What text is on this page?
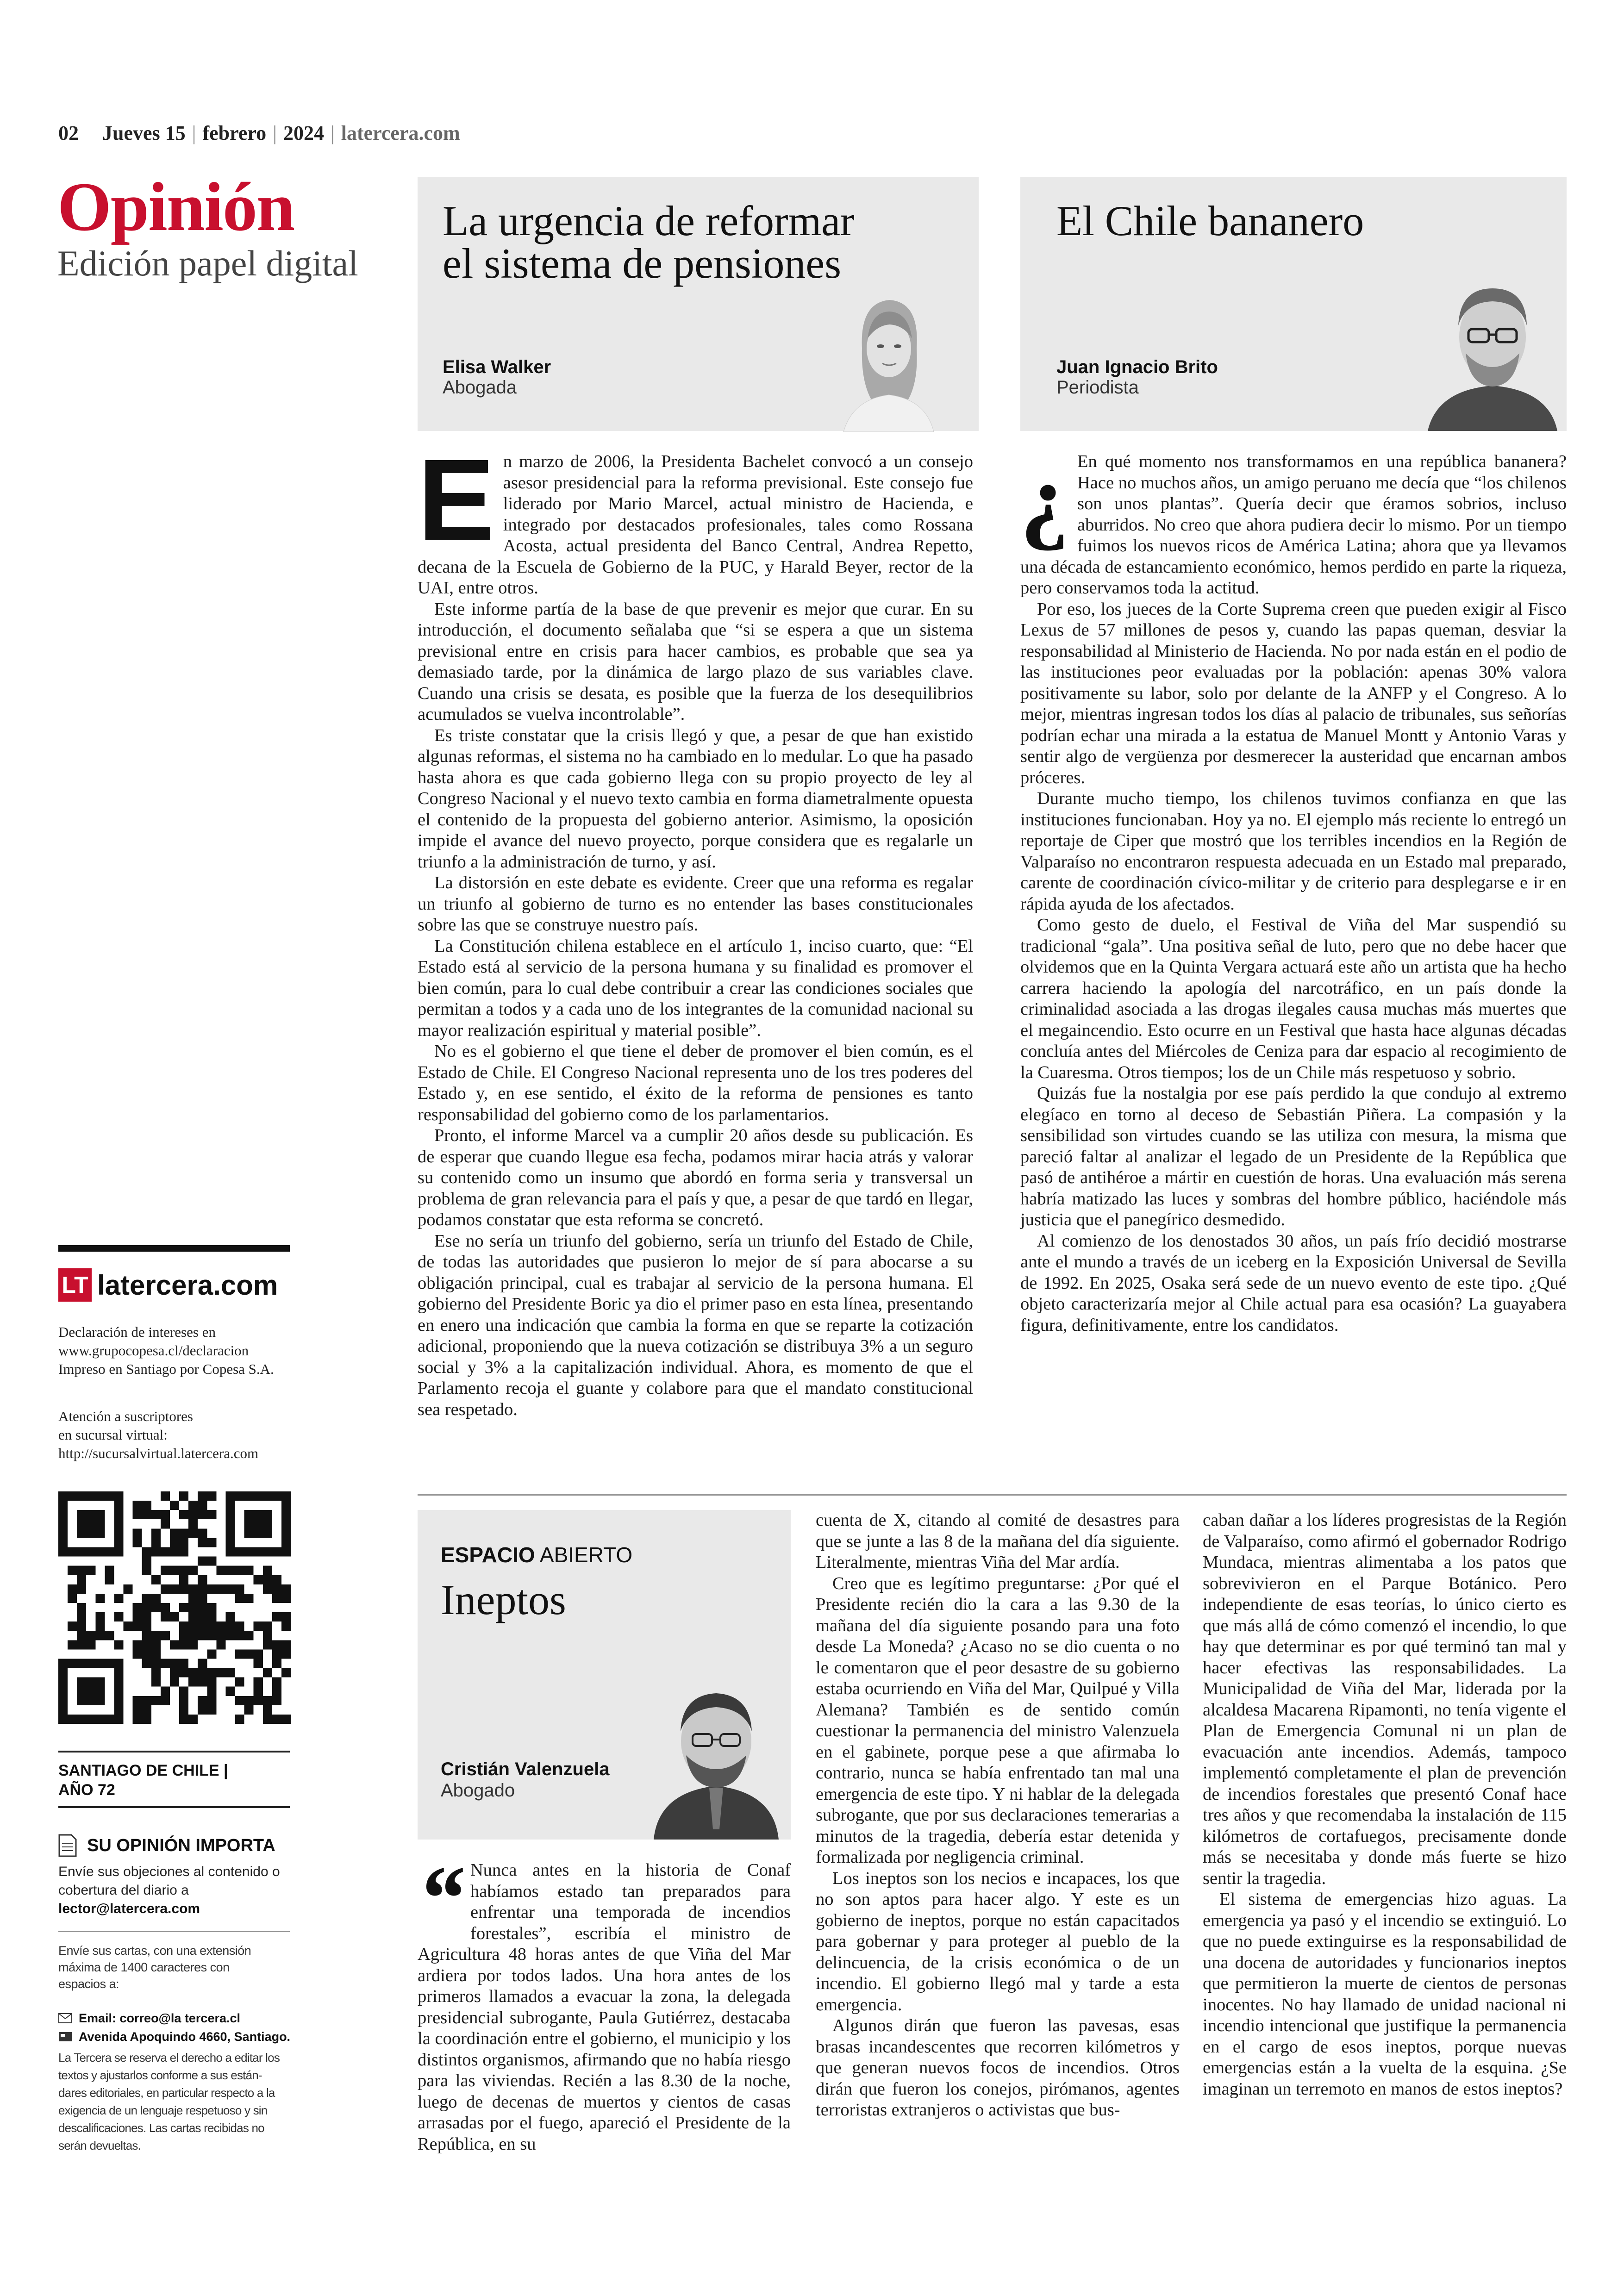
02 Jueves 15 | febrero | 2024 | latercera.com
Opinión
Edición papel digital
La urgencia de reformar el sistema de pensiones
Elisa Walker
Abogada
El Chile bananero
Juan Ignacio Brito
Periodista

En marzo de 2006, la Presidenta Bachelet convocó a un consejo asesor presidencial para la reforma previsional. Este consejo fue liderado por Mario Marcel, actual ministro de Hacienda, e integrado por destacados profesionales, tales como Rossana Acosta, actual presidenta del Banco Central, Andrea Repetto, decana de la Escuela de Gobierno de la PUC, y Harald Beyer, rector de la UAI, entre otros.

Este informe partía de la base de que prevenir es mejor que curar. En su introducción, el documento señalaba que “si se espera a que un sistema previsional entre en crisis para hacer cambios, es probable que sea ya demasiado tarde, por la dinámica de largo plazo de sus variables clave. Cuando una crisis se desata, es posible que la fuerza de los desequilibrios acumulados se vuelva incontrolable”.

Es triste constatar que la crisis llegó y que, a pesar de que han existido algunas reformas, el sistema no ha cambiado en lo medular. Lo que ha pasado hasta ahora es que cada gobierno llega con su propio proyecto de ley al Congreso Nacional y el nuevo texto cambia en forma diametralmente opuesta el contenido de la propuesta del gobierno anterior. Asimismo, la oposición impide el avance del nuevo proyecto, porque considera que es regalarle un triunfo a la administración de turno, y así.

La distorsión en este debate es evidente. Creer que una reforma es regalar un triunfo al gobierno de turno es no entender las bases constitucionales sobre las que se construye nuestro país.

La Constitución chilena establece en el artículo 1, inciso cuarto, que: “El Estado está al servicio de la persona humana y su finalidad es promover el bien común, para lo cual debe contribuir a crear las condiciones sociales que permitan a todos y a cada uno de los integrantes de la comunidad nacional su mayor realización espiritual y material posible”.

No es el gobierno el que tiene el deber de promover el bien común, es el Estado de Chile. El Congreso Nacional representa uno de los tres poderes del Estado y, en ese sentido, el éxito de la reforma de pensiones es tanto responsabilidad del gobierno como de los parlamentarios.

Pronto, el informe Marcel va a cumplir 20 años desde su publicación. Es de esperar que cuando llegue esa fecha, podamos mirar hacia atrás y valorar su contenido como un insumo que abordó en forma seria y transversal un problema de gran relevancia para el país y que, a pesar de que tardó en llegar, podamos constatar que esta reforma se concretó.

Ese no sería un triunfo del gobierno, sería un triunfo del Estado de Chile, de todas las autoridades que pusieron lo mejor de sí para abocarse a su obligación principal, cual es trabajar al servicio de la persona humana. El gobierno del Presidente Boric ya dio el primer paso en esta línea, presentando en enero una indicación que cambia la forma en que se reparte la cotización adicional, proponiendo que la nueva cotización se distribuya 3% a un seguro social y 3% a la capitalización individual. Ahora, es momento de que el Parlamento recoja el guante y colabore para que el mandato constitucional sea respetado.

¿ En qué momento nos transformamos en una república bananera? Hace no muchos años, un amigo peruano me decía que “los chilenos son unos plantas”. Quería decir que éramos sobrios, incluso aburridos. No creo que ahora pudiera decir lo mismo. Por un tiempo fuimos los nuevos ricos de América Latina; ahora que ya llevamos una década de estancamiento económico, hemos perdido en parte la riqueza, pero conservamos toda la actitud.

Por eso, los jueces de la Corte Suprema creen que pueden exigir al Fisco Lexus de 57 millones de pesos y, cuando las papas queman, desviar la responsabilidad al Ministerio de Hacienda. No por nada están en el podio de las instituciones peor evaluadas por la población: apenas 30% valora positivamente su labor, solo por delante de la ANFP y el Congreso. A lo mejor, mientras ingresan todos los días al palacio de tribunales, sus señorías podrían echar una mirada a la estatua de Manuel Montt y Antonio Varas y sentir algo de vergüenza por desmerecer la austeridad que encarnan ambos próceres.

Durante mucho tiempo, los chilenos tuvimos confianza en que las instituciones funcionaban. Hoy ya no. El ejemplo más reciente lo entregó un reportaje de Ciper que mostró que los terribles incendios en la Región de Valparaíso no encontraron respuesta adecuada en un Estado mal preparado, carente de coordinación cívico-militar y de criterio para desplegarse e ir en rápida ayuda de los afectados.

Como gesto de duelo, el Festival de Viña del Mar suspendió su tradicional “gala”. Una positiva señal de luto, pero que no debe hacer que olvidemos que en la Quinta Vergara actuará este año un artista que ha hecho carrera haciendo la apología del narcotráfico, en un país donde la criminalidad asociada a las drogas ilegales causa muchas más muertes que el megaincendio. Esto ocurre en un Festival que hasta hace algunas décadas concluía antes del Miércoles de Ceniza para dar espacio al recogimiento de la Cuaresma. Otros tiempos; los de un Chile más respetuoso y sobrio.

Quizás fue la nostalgia por ese país perdido la que condujo al extremo elegíaco en torno al deceso de Sebastián Piñera. La compasión y la sensibilidad son virtudes cuando se las utiliza con mesura, la misma que pareció faltar al analizar el legado de un Presidente de la República que pasó de antihéroe a mártir en cuestión de horas. Una evaluación más serena habría matizado las luces y sombras del hombre público, haciéndole más justicia que el panegírico desmedido.

Al comienzo de los denostados 30 años, un país frío decidió mostrarse ante el mundo a través de un iceberg en la Exposición Universal de Sevilla de 1992. En 2025, Osaka será sede de un nuevo evento de este tipo. ¿Qué objeto caracterizaría mejor al Chile actual para esa ocasión? La guayabera figura, definitivamente, entre los candidatos.

ESPACIO ABIERTO
Ineptos
Cristián Valenzuela
Abogado

“ Nunca antes en la historia de Conaf habíamos estado tan preparados para enfrentar una temporada de incendios forestales”, escribía el ministro de Agricultura 48 horas antes de que Viña del Mar ardiera por todos lados. Una hora antes de los primeros llamados a evacuar la zona, la delegada presidencial subrogante, Paula Gutiérrez, destacaba la coordinación entre el gobierno, el municipio y los distintos organismos, afirmando que no había riesgo para las viviendas. Recién a las 8.30 de la noche, luego de decenas de muertos y cientos de casas arrasadas por el fuego, apareció el Presidente de la República, en su

cuenta de X, citando al comité de desastres para que se junte a las 8 de la mañana del día siguiente. Literalmente, mientras Viña del Mar ardía.

Creo que es legítimo preguntarse: ¿Por qué el Presidente recién dio la cara a las 9.30 de la mañana del día siguiente posando para una foto desde La Moneda? ¿Acaso no se dio cuenta o no le comentaron que el peor desastre de su gobierno estaba ocurriendo en Viña del Mar, Quilpué y Villa Alemana? También es de sentido común cuestionar la permanencia del ministro Valenzuela en el gabinete, porque pese a que afirmaba lo contrario, nunca se había enfrentado tan mal una emergencia de este tipo. Y ni hablar de la delegada subrogante, que por sus declaraciones temerarias a minutos de la tragedia, debería estar detenida y formalizada por negligencia criminal.

Los ineptos son los necios e incapaces, los que no son aptos para hacer algo. Y este es un gobierno de ineptos, porque no están capacitados para gobernar y para proteger al pueblo de la delincuencia, de la crisis económica o de un incendio. El gobierno llegó mal y tarde a esta emergencia.

Algunos dirán que fueron las pavesas, esas brasas incandescentes que recorren kilómetros y que generan nuevos focos de incendios. Otros dirán que fueron los conejos, pirómanos, agentes terroristas extranjeros o activistas que bus-

caban dañar a los líderes progresistas de la Región de Valparaíso, como afirmó el gobernador Rodrigo Mundaca, mientras alimentaba a los patos que sobrevivieron en el Parque Botánico. Pero independiente de esas teorías, lo único cierto es que más allá de cómo comenzó el incendio, lo que hay que determinar es por qué terminó tan mal y hacer efectivas las responsabilidades. La Municipalidad de Viña del Mar, liderada por la alcaldesa Macarena Ripamonti, no tenía vigente el Plan de Emergencia Comunal ni un plan de evacuación ante incendios. Además, tampoco implementó completamente el plan de prevención de incendios forestales que presentó Conaf hace tres años y que recomendaba la instalación de 115 kilómetros de cortafuegos, precisamente donde más se necesitaba y donde más fuerte se hizo sentir la tragedia.

El sistema de emergencias hizo aguas. La emergencia ya pasó y el incendio se extinguió. Lo que no puede extinguirse es la responsabilidad de una docena de autoridades y funcionarios ineptos que permitieron la muerte de cientos de personas inocentes. No hay llamado de unidad nacional ni incendio intencional que justifique la permanencia en el cargo de esos ineptos, porque nuevas emergencias están a la vuelta de la esquina. ¿Se imaginan un terremoto en manos de estos ineptos?

LT latercera.com
Declaración de intereses en
www.grupocopesa.cl/declaracion
Impreso en Santiago por Copesa S.A.
Atención a suscriptores
en sucursal virtual:
http://sucursalvirtual.latercera.com
SANTIAGO DE CHILE |
AÑO 72
SU OPINIÓN IMPORTA
Envíe sus objeciones al contenido o
cobertura del diario a
lector@latercera.com
Envíe sus cartas, con una extensión
máxima de 1400 caracteres con
espacios a:
Email: correo@la tercera.cl
Avenida Apoquindo 4660, Santiago.
La Tercera se reserva el derecho a editar los
textos y ajustarlos conforme a sus están-
dares editoriales, en particular respecto a la
exigencia de un lenguaje respetuoso y sin
descalificaciones. Las cartas recibidas no
serán devueltas.
